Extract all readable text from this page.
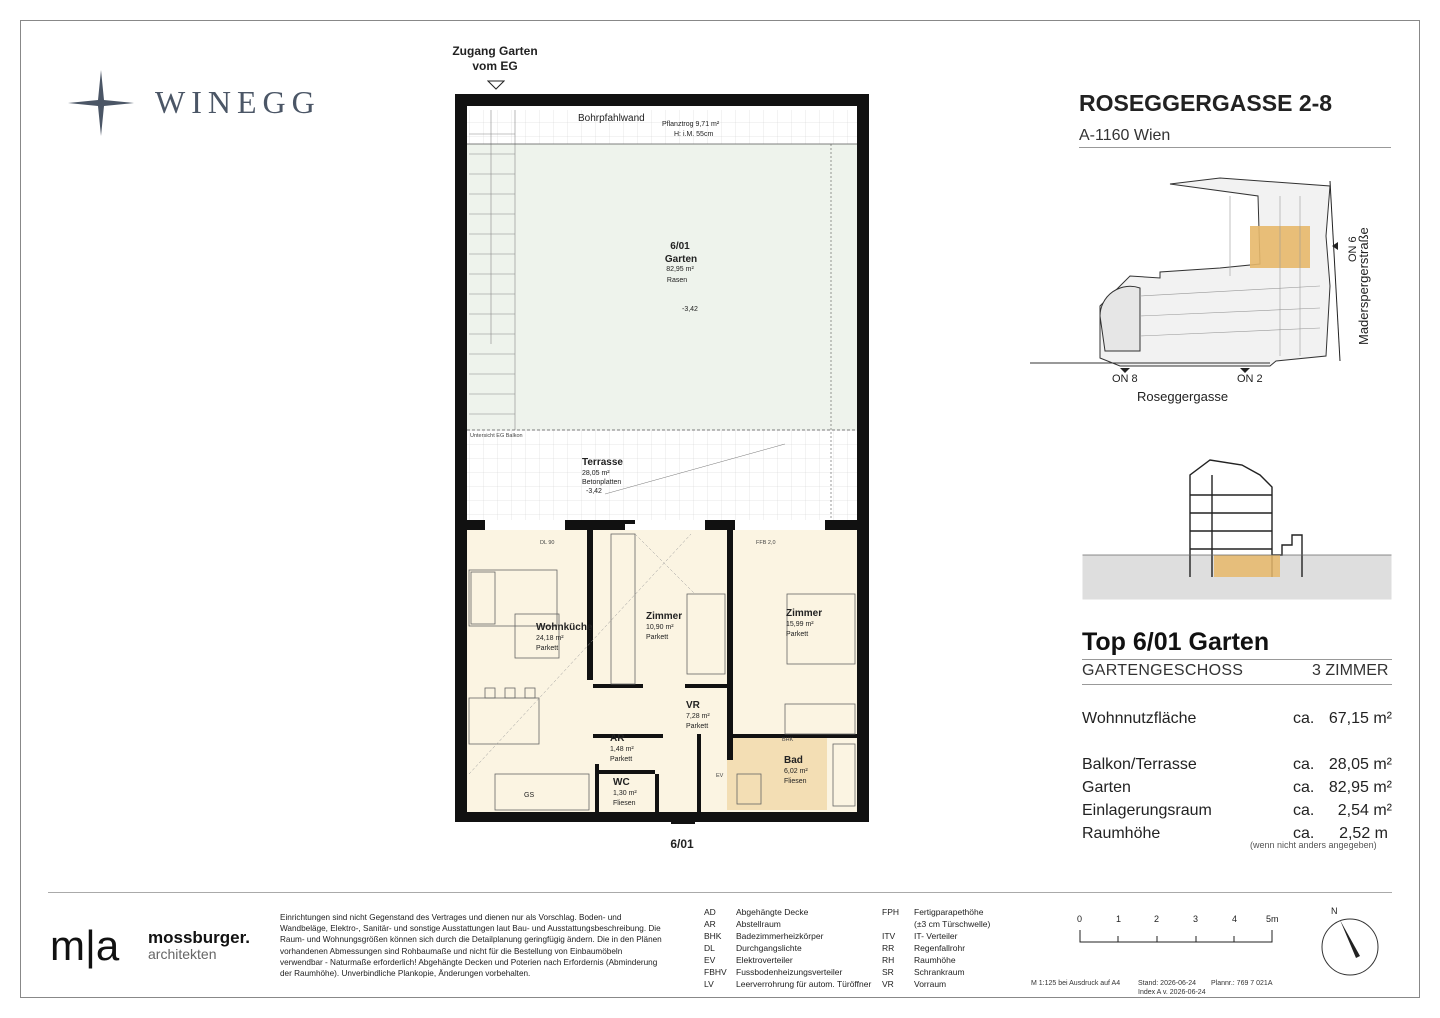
WINEGG	ROSEGGERGASSE 2-8
A-1160 Wien
ON 6
ON 8	ON 2
Roseggergasse
Maderspergerstraße
Top 6/01 Garten
GARTENGESCHOSS	3 ZIMMER
Wohnnutzfläche	ca. 67,15 m²
Balkon/Terrasse	ca. 28,05 m²
Garten	ca. 82,95 m²
Einlagerungsraum	ca. 2,54 m²
Raumhöhe	ca. 2,52 m
(wenn nicht anders angegeben)
Zugang Garten
vom EG
Bohrpfahlwand
Pflanztrog 9,71 m²
H: i.M. 55cm
6/01
Garten
82,95 m²
Rasen
-3,42
Untersicht EG Balkon
Terrasse
28,05 m²
Betonplatten
-3,42
Wohnküche
24,18 m²
Parkett
Zimmer
10,90 m²
Parkett
Zimmer
15,99 m²
Parkett
VR
7,28 m²
Parkett
AR
1,48 m²
Parkett	Bad
6,02 m²
Fliesen
WC
1,30 m²
Fliesen
GS
BHK
EV
DL 90	FFB 2,0
6/01
m|a mossburger.
architekten
Einrichtungen sind nicht Gegenstand des Vertrages und dienen nur als Vorschlag. Boden- und Wandbeläge, Elektro-, Sanitär- und sonstige Ausstattungen laut Bau- und Ausstattungsbeschreibung. Die Raum- und Wohnungsgrößen können sich durch die Detailplanung geringfügig ändern. Die in den Plänen vorhandenen Abmessungen sind Rohbaumaße und nicht für die Bestellung von Einbaumöbeln verwendbar - Naturmaße erforderlich! Abgehängte Decken und Poterien nach Erfordernis (Abminderung der Raumhöhe). Unverbindliche Plankopie, Änderungen vorbehalten.
AD	Abgehängte Decke
AR	Abstellraum
BHK	Badezimmerheizkörper
DL	Durchgangslichte
EV	Elektroverteiler
FBHV	Fussbodenheizungsverteiler
LV	Leerverrohrung für autom. Türöffner
FPH	Fertigparapethöhe
(±3 cm Türschwelle)
ITV	IT- Verteiler
RR	Regenfallrohr
RH	Raumhöhe
SR	Schrankraum
VR	Vorraum
0	1	2	3	4	5m
N
M 1:125 bei Ausdruck auf A4	Stand: 2026-06-24
Index A v. 2026-06-24
Plannr.: 769 7 021A
